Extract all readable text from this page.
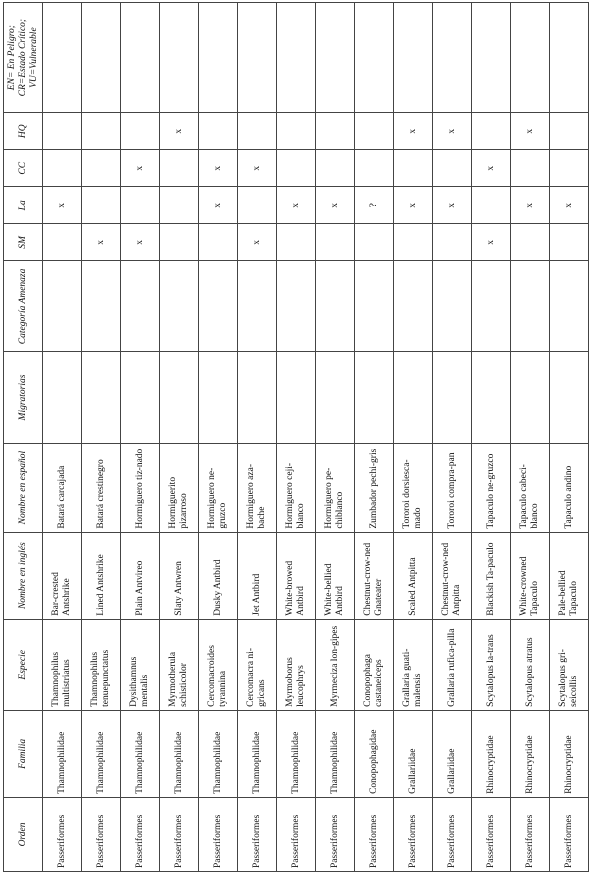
Orden	Familia	Especie	Nombre en inglés	Nombre en español	Migratorias	Categoría Amenaza	SM	La	CC	HQ	EN= En Peligro; CR=Estado Crítico; VU=Vulnerable
Passeriformes	Thamnophilidae	Thamnophilus multistriatus	Bar-crested Antshrike	Batará carcajada				x			
Passeriformes	Thamnophilidae	Thamnophilus tenuepunctatus	Lined Antshrike	Batará crestinegro			x				
Passeriformes	Thamnophilidae	Dysithamnus mentalis	Plain Antvireo	Hormiguero tiz-nado			x		x		
Passeriformes	Thamnophilidae	Myrmotherula schisticolor	Slaty Antwren	Hormiguerito pizarroso						x	
Passeriformes	Thamnophilidae	Cercomacroides tyrannina	Dusky Antbird	Hormiguero ne-gruzco				x	x		
Passeriformes	Thamnophilidae	Cercomacra ni-gricans	Jet Antbird	Hormiguero aza-bache			x		x		
Passeriformes	Thamnophilidae	Myrmoborus leucophrys	White-browed Antbird	Hormiguero ceji-blanco				x			
Passeriformes	Thamnophilidae	Myrmeciza lon-gipes	White-bellied Antbird	Hormiguero pe-chiblanco				x			
Passeriformes	Conopophagidae	Conopophaga castaneiceps	Chestnut-crow-ned Gnateater	Zumbador pechi-gris				?			
Passeriformes	Grallariidae	Grallaria guati-malensis	Scaled Antpitta	Tororoi dorsiesca-mado				x		x	
Passeriformes	Grallariidae	Grallaria rufica-pilla	Chestnut-crow-ned Antpitta	Tororoi compra-pan				x		x	
Passeriformes	Rhinocryptidae	Scytalopus la-trans	Blackish Ta-paculo	Tapaculo ne-gruzco			x		x		
Passeriformes	Rhinocryptidae	Scytalopus atratus	White-crowned Tapaculo	Tapaculo cabeci-blanco				x		x	
Passeriformes	Rhinocryptidae	Scytalopus gri-seicollis	Pale-bellied Tapaculo	Tapaculo andino				x			
